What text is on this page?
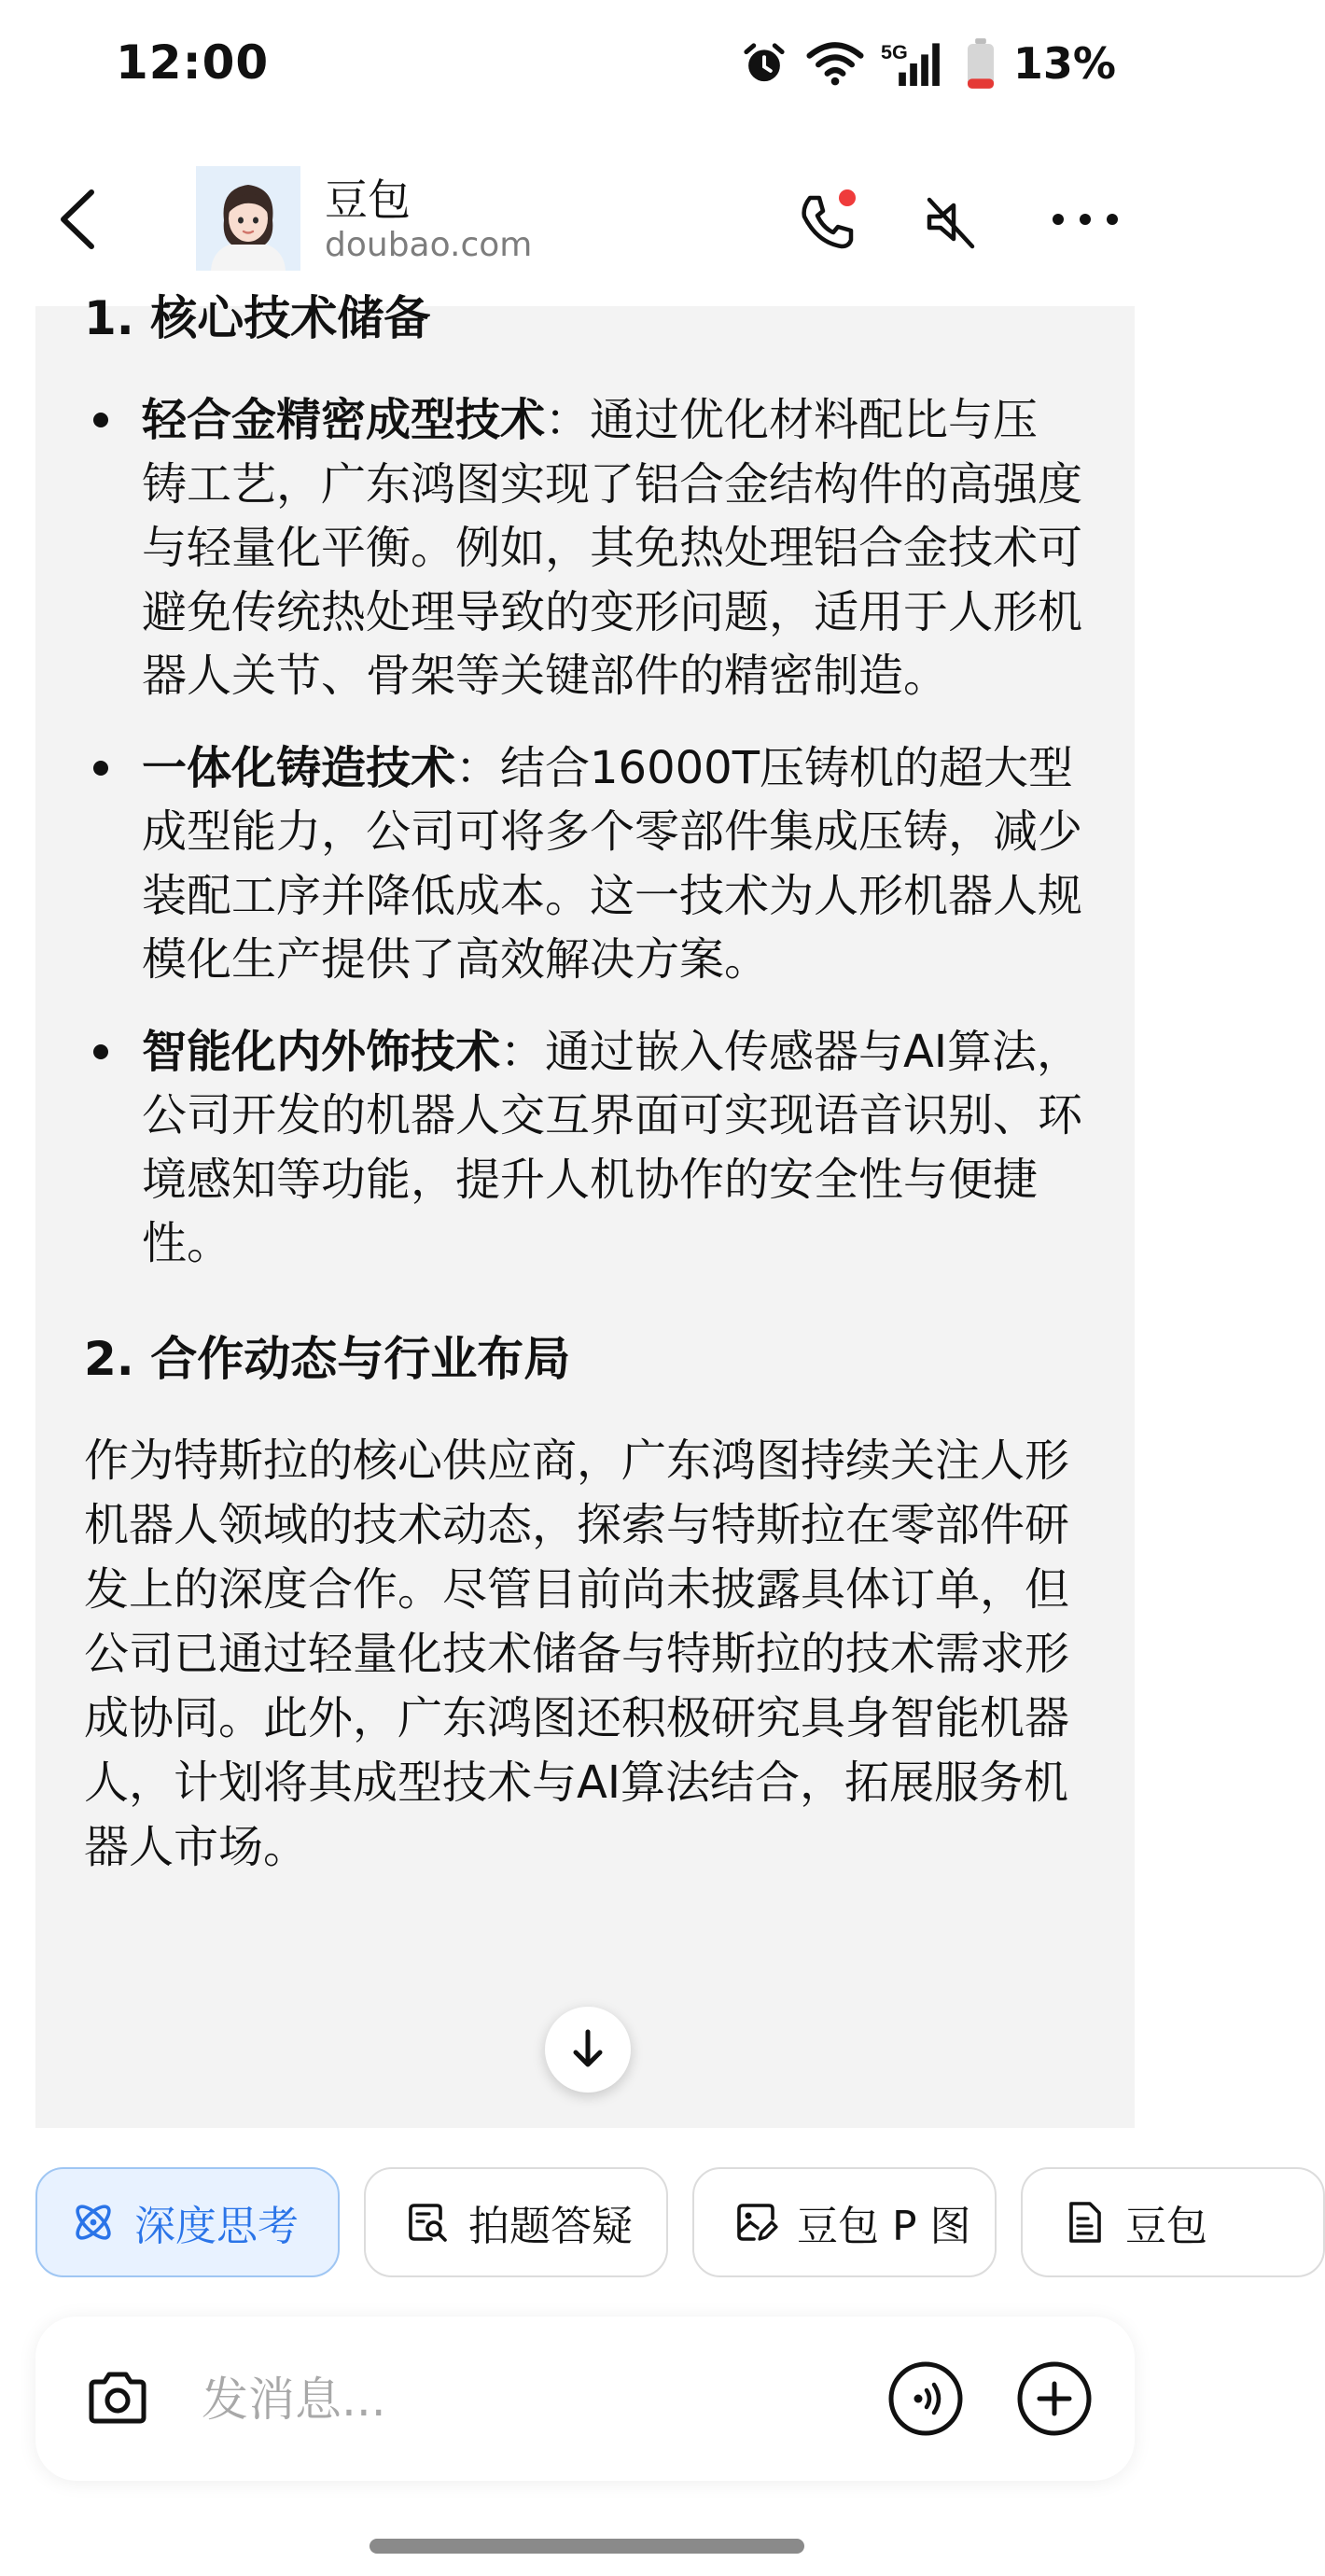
12:00	5G 13%
豆包
doubao.com
1. 核心技术储备
轻合金精密成型技术：通过优化材料配比与压铸工艺，广东鸿图实现了铝合金结构件的高强度与轻量化平衡。例如，其免热处理铝合金技术可避免传统热处理导致的变形问题，适用于人形机器人关节、骨架等关键部件的精密制造。
一体化铸造技术：结合16000T压铸机的超大型成型能力，公司可将多个零部件集成压铸，减少装配工序并降低成本。这一技术为人形机器人规模化生产提供了高效解决方案。
智能化内外饰技术：通过嵌入传感器与AI算法，公司开发的机器人交互界面可实现语音识别、环境感知等功能，提升人机协作的安全性与便捷性。
2. 合作动态与行业布局

作为特斯拉的核心供应商，广东鸿图持续关注人形机器人领域的技术动态，探索与特斯拉在零部件研发上的深度合作。尽管目前尚未披露具体订单，但公司已通过轻量化技术储备与特斯拉的技术需求形成协同。此外，广东鸿图还积极研究具身智能机器人，计划将其成型技术与AI算法结合，拓展服务机器人市场。

深度思考	拍题答疑	豆包 P 图	豆包
发消息...
